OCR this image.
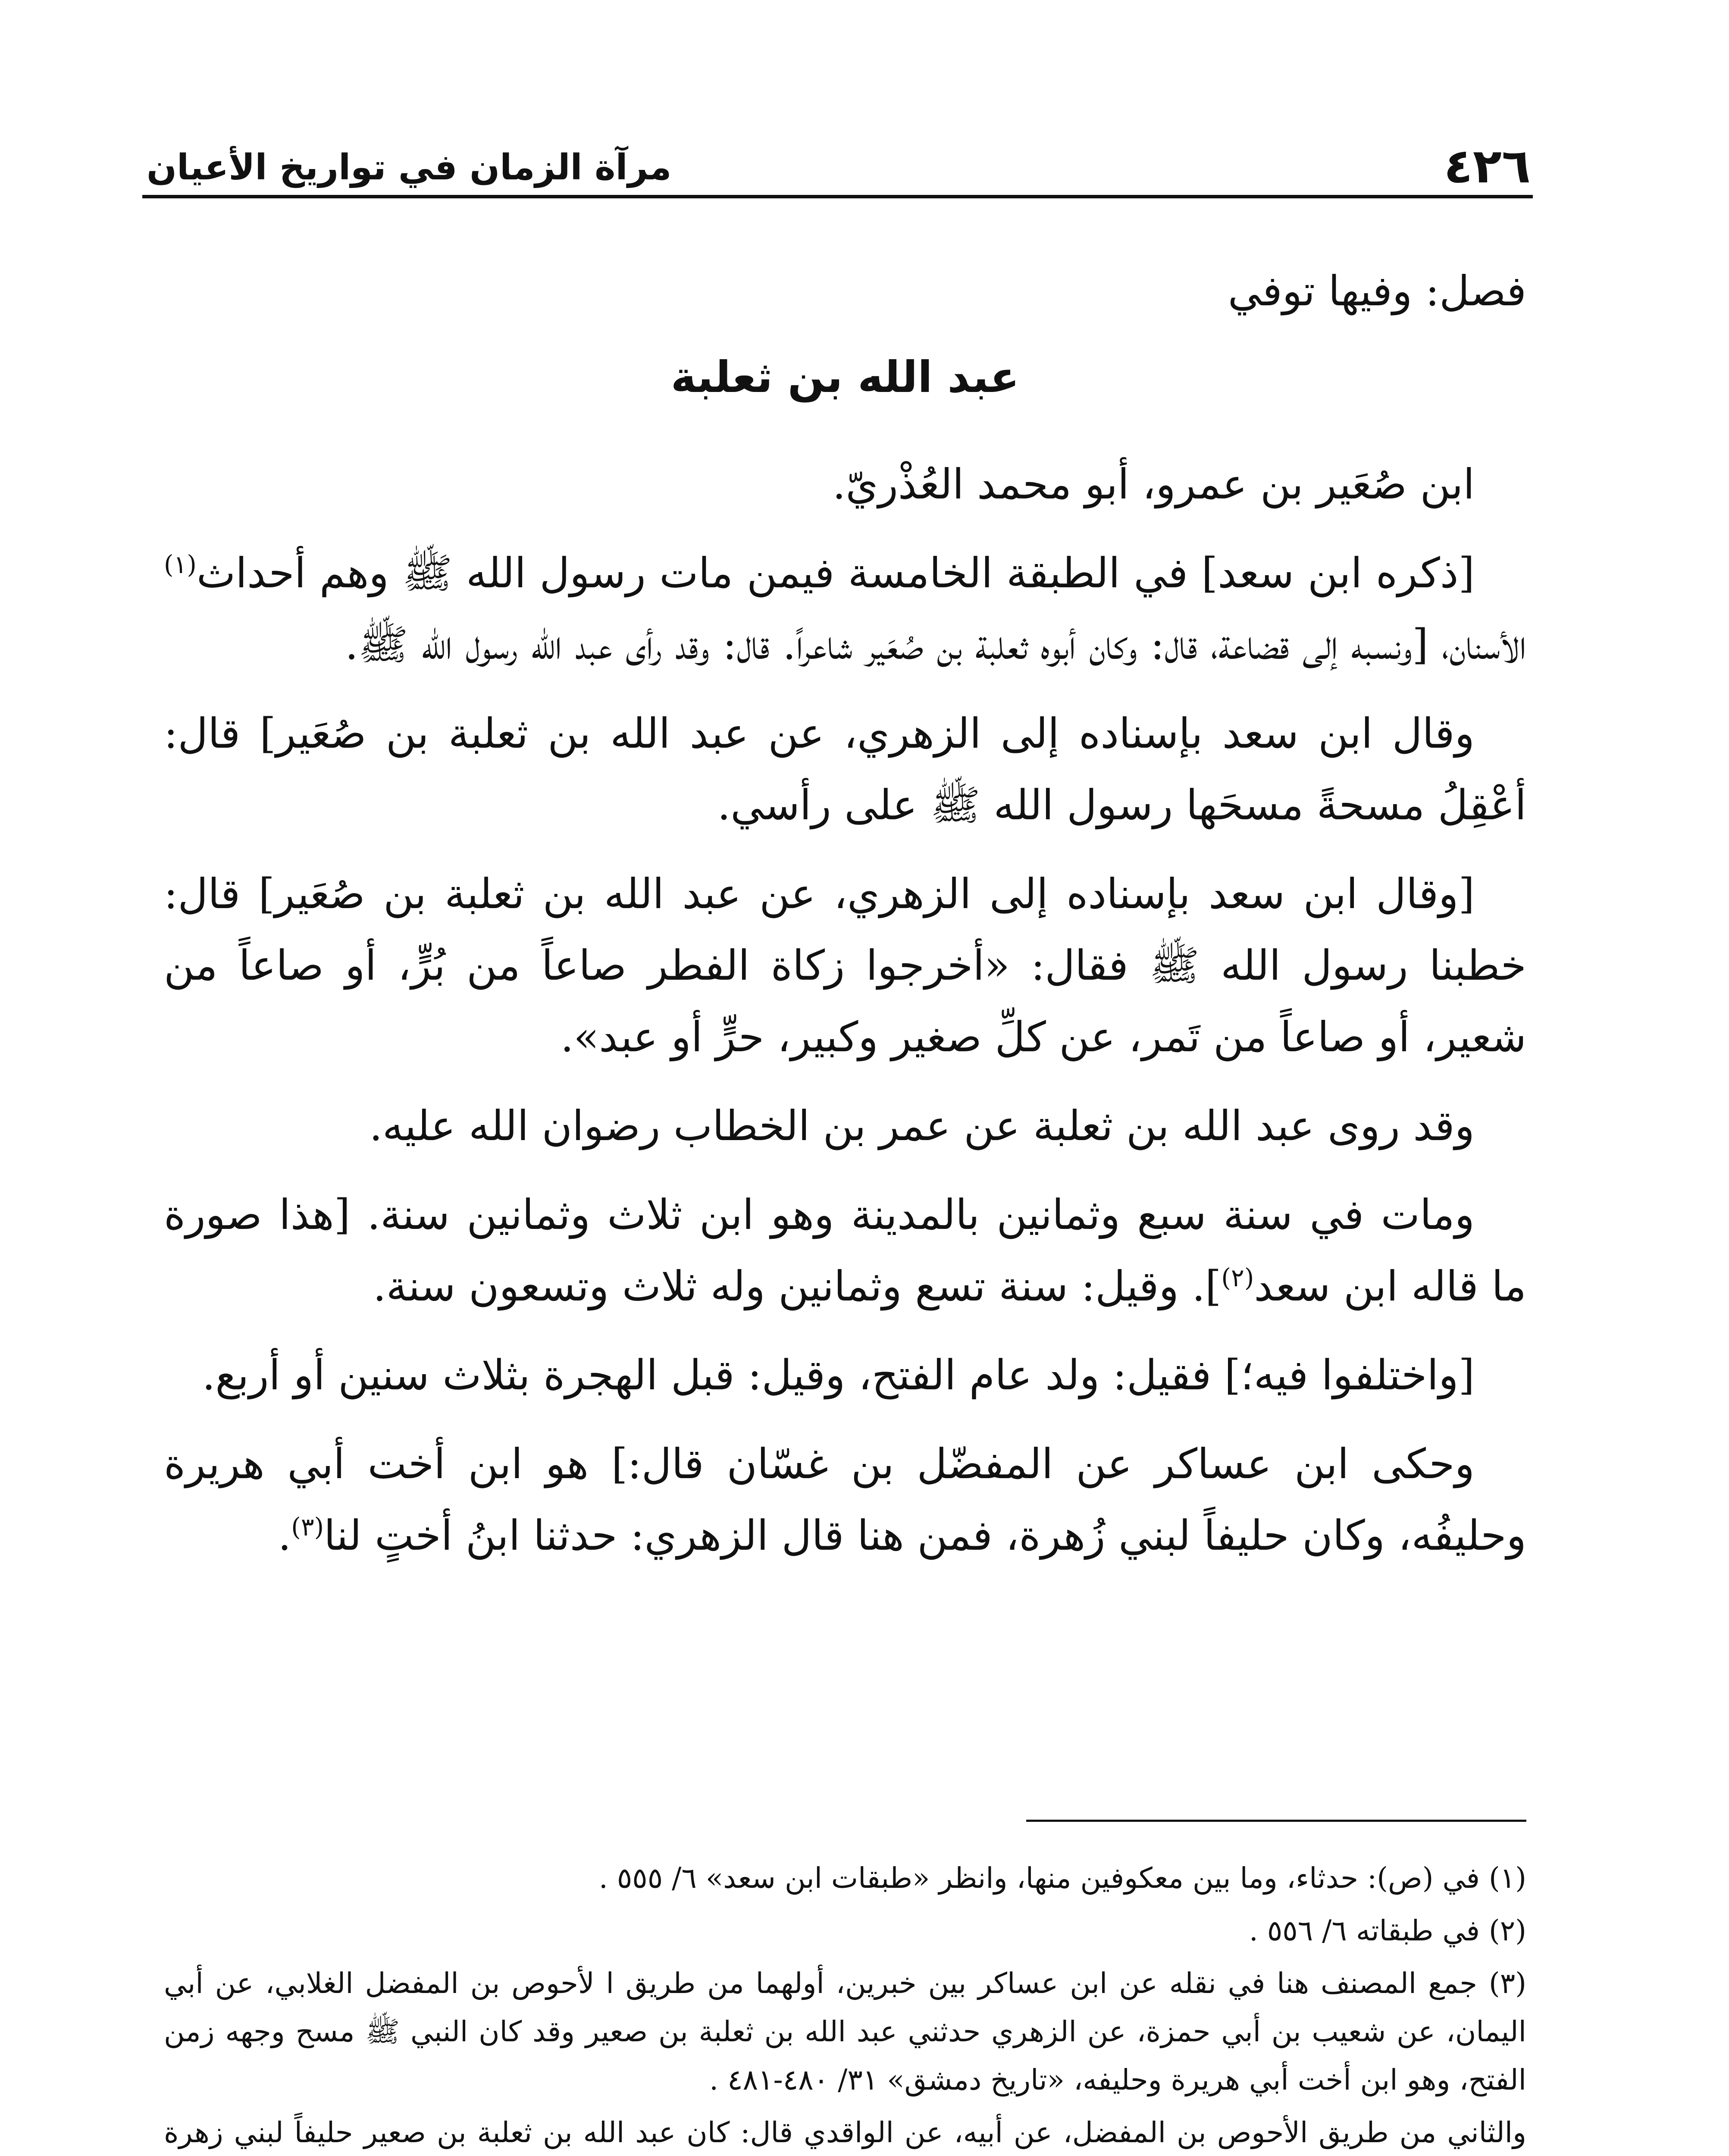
٤٢٦
مرآة الزمان في تواريخ الأعيان

فصل: وفيها توفي

عبد الله بن ثعلبة

ابن صُعَير بن عمرو، أبو محمد العُذْريّ.

[ذكره ابن سعد] في الطبقة الخامسة فيمن مات رسول الله ﷺ وهم أحداث$^{(١)}$ الأسنان، [ونسبه إلى قضاعة، قال: وكان أبوه ثعلبة بن صُعَير شاعراً. قال: وقد رأى عبد الله رسول الله ﷺ.

وقال ابن سعد بإسناده إلى الزهري، عن عبد الله بن ثعلبة بن صُعَير] قال: أعْقِلُ مسحةً مسحَها رسول الله ﷺ على رأسي.

[وقال ابن سعد بإسناده إلى الزهري، عن عبد الله بن ثعلبة بن صُعَير] قال: خطبنا رسول الله ﷺ فقال: «أخرجوا زكاة الفطر صاعاً من بُرٍّ، أو صاعاً من شعير، أو صاعاً من تَمر، عن كلِّ صغير وكبير، حرٍّ أو عبد».

وقد روى عبد الله بن ثعلبة عن عمر بن الخطاب رضوان الله عليه.

ومات في سنة سبع وثمانين بالمدينة وهو ابن ثلاث وثمانين سنة. [هذا صورة ما قاله ابن سعد$^{(٢)}$]. وقيل: سنة تسع وثمانين وله ثلاث وتسعون سنة.

[واختلفوا فيه؛] فقيل: ولد عام الفتح، وقيل: قبل الهجرة بثلاث سنين أو أربع.

وحكى ابن عساكر عن المفضّل بن غسّان قال:] هو ابن أخت أبي هريرة وحليفُه، وكان حليفاً لبني زُهرة، فمن هنا قال الزهري: حدثنا ابنُ أختٍ لنا$^{(٣)}$.

(١) في (ص): حدثاء، وما بين معكوفين منها، وانظر «طبقات ابن سعد» ٦/ ٥٥٥ .

(٢) في طبقاته ٦/ ٥٥٦ .

(٣) جمع المصنف هنا في نقله عن ابن عساكر بين خبرين، أولهما من طريق ا لأحوص بن المفضل الغلابي، عن أبي اليمان، عن شعيب بن أبي حمزة، عن الزهري حدثني عبد الله بن ثعلبة بن صعير وقد كان النبي ﷺ مسح وجهه زمن الفتح، وهو ابن أخت أبي هريرة وحليفه، «تاريخ دمشق» ٣١/ ٤٨٠-٤٨١ .

والثاني من طريق الأحوص بن المفضل، عن أبيه، عن الواقدي قال: كان عبد الله بن ثعلبة بن صعير حليفاً لبني زهرة
